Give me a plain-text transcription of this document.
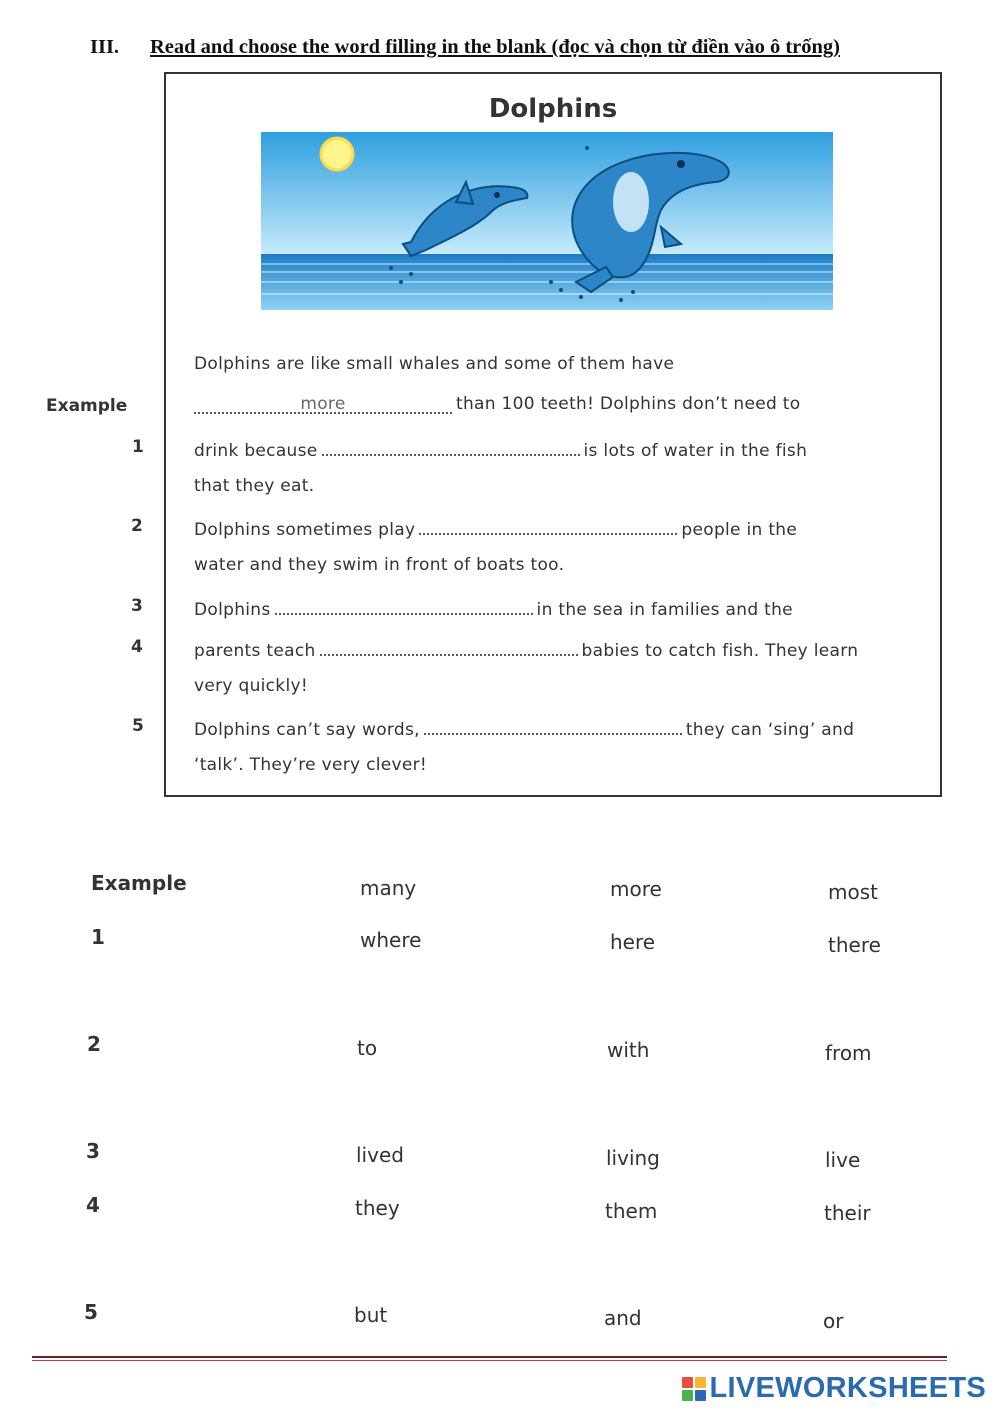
III. Read and choose the word filling in the blank (đọc và chọn từ điền vào ô trống)
Example
1
2
3
4
5
Dolphins
Dolphins are like small whales and some of them have
more	than 100 teeth! Dolphins don’t need to
drink because	is lots of water in the fish
that they eat.
Dolphins sometimes play	people in the
water and they swim in front of boats too.
Dolphins	in the sea in families and the
parents teach	babies to catch fish. They learn
very quickly!
Dolphins can’t say words,	they can ‘sing’ and
‘talk’. They’re very clever!
Example	many	more	most
1	where	here	there
2	to	with	from
3	lived	living	live
4	they	them	their
5	but	and	or
LIVEWORKSHEETS
